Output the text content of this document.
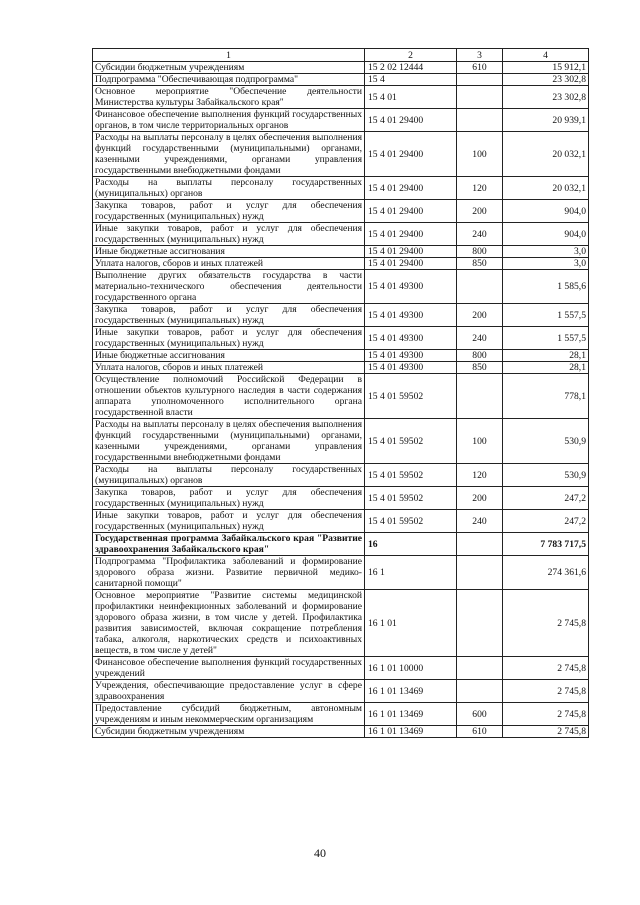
1	2	3	4
Субсидии бюджетным учреждениям	15 2 02 12444	610	15 912,1
Подпрограмма "Обеспечивающая подпрограмма"	15 4		23 302,8
Основное мероприятие "Обеспечение деятельности Министерства культуры Забайкальского края"	15 4 01		23 302,8
Финансовое обеспечение выполнения функций государственных органов, в том числе территориальных органов	15 4 01 29400		20 939,1
Расходы на выплаты персоналу в целях обеспечения выполнения функций государственными (муниципальными) органами, казенными учреждениями, органами управления государственными внебюджетными фондами	15 4 01 29400	100	20 032,1
Расходы на выплаты персоналу государственных (муниципальных) органов	15 4 01 29400	120	20 032,1
Закупка товаров, работ и услуг для обеспечения государственных (муниципальных) нужд	15 4 01 29400	200	904,0
Иные закупки товаров, работ и услуг для обеспечения государственных (муниципальных) нужд	15 4 01 29400	240	904,0
Иные бюджетные ассигнования	15 4 01 29400	800	3,0
Уплата налогов, сборов и иных платежей	15 4 01 29400	850	3,0
Выполнение других обязательств государства в части материально-технического обеспечения деятельности государственного органа	15 4 01 49300		1 585,6
Закупка товаров, работ и услуг для обеспечения государственных (муниципальных) нужд	15 4 01 49300	200	1 557,5
Иные закупки товаров, работ и услуг для обеспечения государственных (муниципальных) нужд	15 4 01 49300	240	1 557,5
Иные бюджетные ассигнования	15 4 01 49300	800	28,1
Уплата налогов, сборов и иных платежей	15 4 01 49300	850	28,1
Осуществление полномочий Российской Федерации в отношении объектов культурного наследия в части содержания аппарата уполномоченного исполнительного органа государственной власти	15 4 01 59502		778,1
Расходы на выплаты персоналу в целях обеспечения выполнения функций государственными (муниципальными) органами, казенными учреждениями, органами управления государственными внебюджетными фондами	15 4 01 59502	100	530,9
Расходы на выплаты персоналу государственных (муниципальных) органов	15 4 01 59502	120	530,9
Закупка товаров, работ и услуг для обеспечения государственных (муниципальных) нужд	15 4 01 59502	200	247,2
Иные закупки товаров, работ и услуг для обеспечения государственных (муниципальных) нужд	15 4 01 59502	240	247,2
Государственная программа Забайкальского края "Развитие здравоохранения Забайкальского края"	16		7 783 717,5
Подпрограмма "Профилактика заболеваний и формирование здорового образа жизни. Развитие первичной медико-санитарной помощи"	16 1		274 361,6
Основное мероприятие "Развитие системы медицинской профилактики неинфекционных заболеваний и формирование здорового образа жизни, в том числе у детей. Профилактика развития зависимостей, включая сокращение потребления табака, алкоголя, наркотических средств и психоактивных веществ, в том числе у детей"	16 1 01		2 745,8
Финансовое обеспечение выполнения функций государственных учреждений	16 1 01 10000		2 745,8
Учреждения, обеспечивающие предоставление услуг в сфере здравоохранения	16 1 01 13469		2 745,8
Предоставление субсидий бюджетным, автономным учреждениям и иным некоммерческим организациям	16 1 01 13469	600	2 745,8
Субсидии бюджетным учреждениям	16 1 01 13469	610	2 745,8
40
